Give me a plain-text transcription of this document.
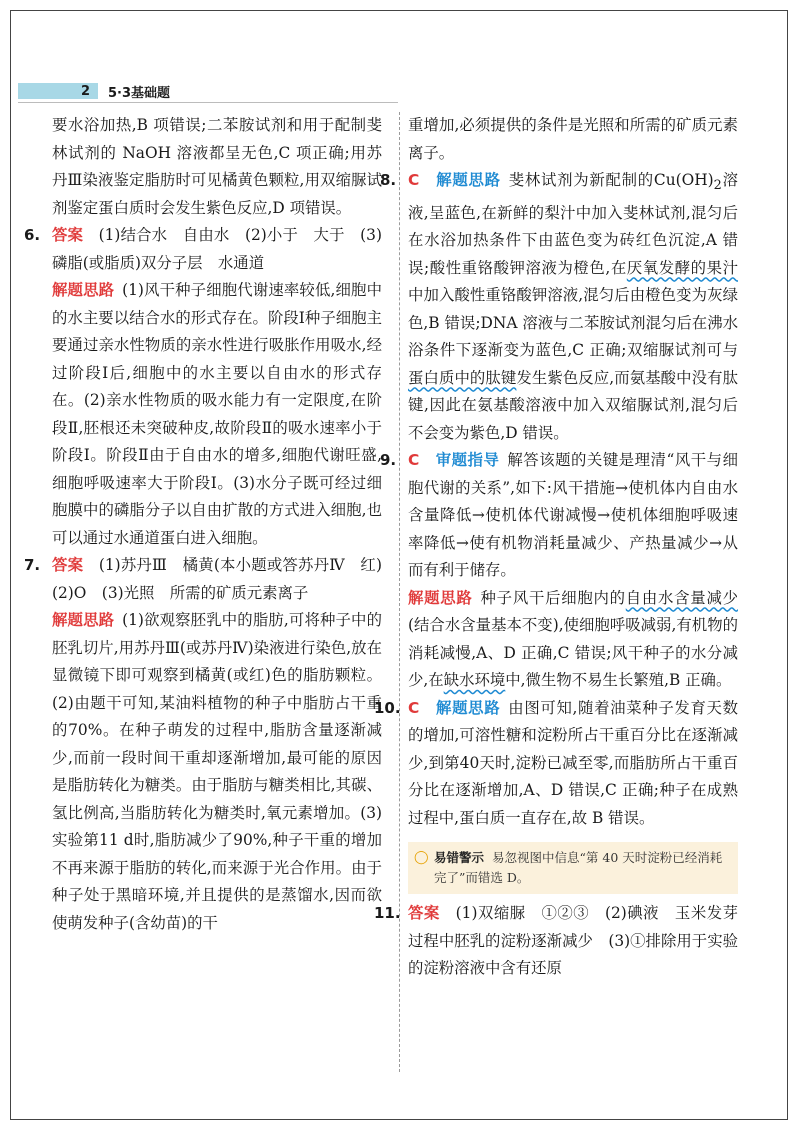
2 5·3基础题

要水浴加热,B 项错误;二苯胺试剂和用于配制斐林试剂的 NaOH 溶液都呈无色,C 项正确;用苏丹Ⅲ染液鉴定脂肪时可见橘黄色颗粒,用双缩脲试剂鉴定蛋白质时会发生紫色反应,D 项错误。

6. 答案　 (1)结合水　自由水　(2)小于　大于　(3)磷脂(或脂质)双分子层　水通道

解题思路 (1)风干种子细胞代谢速率较低,细胞中的水主要以结合水的形式存在。阶段Ⅰ种子细胞主要通过亲水性物质的亲水性进行吸胀作用吸水,经过阶段Ⅰ后,细胞中的水主要以自由水的形式存在。(2)亲水性物质的吸水能力有一定限度,在阶段Ⅱ,胚根还未突破种皮,故阶段Ⅱ的吸水速率小于阶段Ⅰ。阶段Ⅱ由于自由水的增多,细胞代谢旺盛,细胞呼吸速率大于阶段Ⅰ。(3)水分子既可经过细胞膜中的磷脂分子以自由扩散的方式进入细胞,也可以通过水通道蛋白进入细胞。

7. 答案　 (1)苏丹Ⅲ　橘黄(本小题或答苏丹Ⅳ　红)　(2)O　(3)光照　所需的矿质元素离子

解题思路 (1)欲观察胚乳中的脂肪,可将种子中的胚乳切片,用苏丹Ⅲ(或苏丹Ⅳ)染液进行染色,放在显微镜下即可观察到橘黄(或红)色的脂肪颗粒。(2)由题干可知,某油料植物的种子中脂肪占干重的70%。在种子萌发的过程中,脂肪含量逐渐减少,而前一段时间干重却逐渐增加,最可能的原因是脂肪转化为糖类。由于脂肪与糖类相比,其碳、氢比例高,当脂肪转化为糖类时,氧元素增加。(3)实验第11 d时,脂肪减少了90%,种子干重的增加不再来源于脂肪的转化,而来源于光合作用。由于种子处于黑暗环境,并且提供的是蒸馏水,因而欲使萌发种子(含幼苗)的干

重增加,必须提供的条件是光照和所需的矿质元素离子。

8. C　 解题思路 斐林试剂为新配制的$Cu(OH)_2$溶液,呈蓝色,在新鲜的梨汁中加入斐林试剂,混匀后在水浴加热条件下由蓝色变为砖红色沉淀,A 错误;酸性重铬酸钾溶液为橙色,在厌氧发酵的果汁中加入酸性重铬酸钾溶液,混匀后由橙色变为灰绿色,B 错误;DNA 溶液与二苯胺试剂混匀后在沸水浴条件下逐渐变为蓝色,C 正确;双缩脲试剂可与蛋白质中的肽键发生紫色反应,而氨基酸中没有肽键,因此在氨基酸溶液中加入双缩脲试剂,混匀后不会变为紫色,D 错误。

9. C　 审题指导 解答该题的关键是理清“风干与细胞代谢的关系”,如下:风干措施→使机体内自由水含量降低→使机体代谢减慢→使机体细胞呼吸速率降低→使有机物消耗量减少、产热量减少→从而有利于储存。

解题思路 种子风干后细胞内的自由水含量减少(结合水含量基本不变),使细胞呼吸减弱,有机物的消耗减慢,A、D 正确,C 错误;风干种子的水分减少,在缺水环境中,微生物不易生长繁殖,B 正确。

10. C　 解题思路 由图可知,随着油菜种子发育天数的增加,可溶性糖和淀粉所占干重百分比在逐渐减少,到第40天时,淀粉已减至零,而脂肪所占干重百分比在逐渐增加,A、D 错误,C 正确;种子在成熟过程中,蛋白质一直存在,故 B 错误。

◯ 易错警示 易忽视图中信息“第 40 天时淀粉已经消耗完了”而错选 D。
11. 答案　 (1)双缩脲　①②③　(2)碘液　玉米发芽过程中胚乳的淀粉逐渐减少　(3)①排除用于实验的淀粉溶液中含有还原
